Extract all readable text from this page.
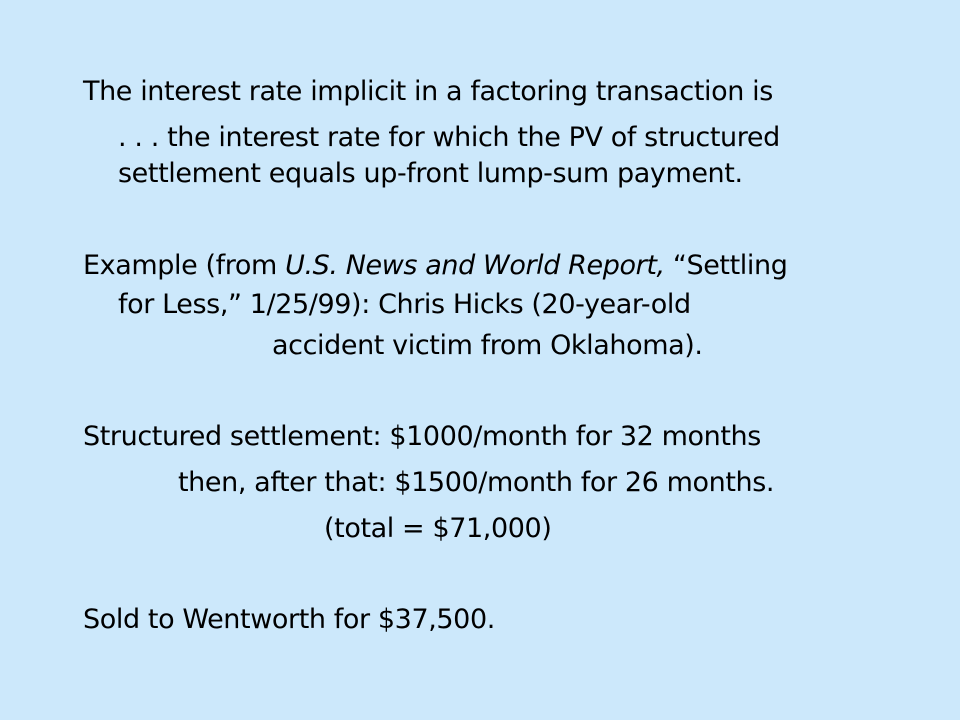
The interest rate implicit in a factoring transaction is
. . . the interest rate for which the PV of structured
settlement equals up-front lump-sum payment.
Example (from U.S. News and World Report, “Settling
for Less,” 1/25/99): Chris Hicks (20-year-old
accident victim from Oklahoma).
Structured settlement: $1000/month for 32 months
then, after that: $1500/month for 26 months.
(total = $71,000)
Sold to Wentworth for $37,500.
